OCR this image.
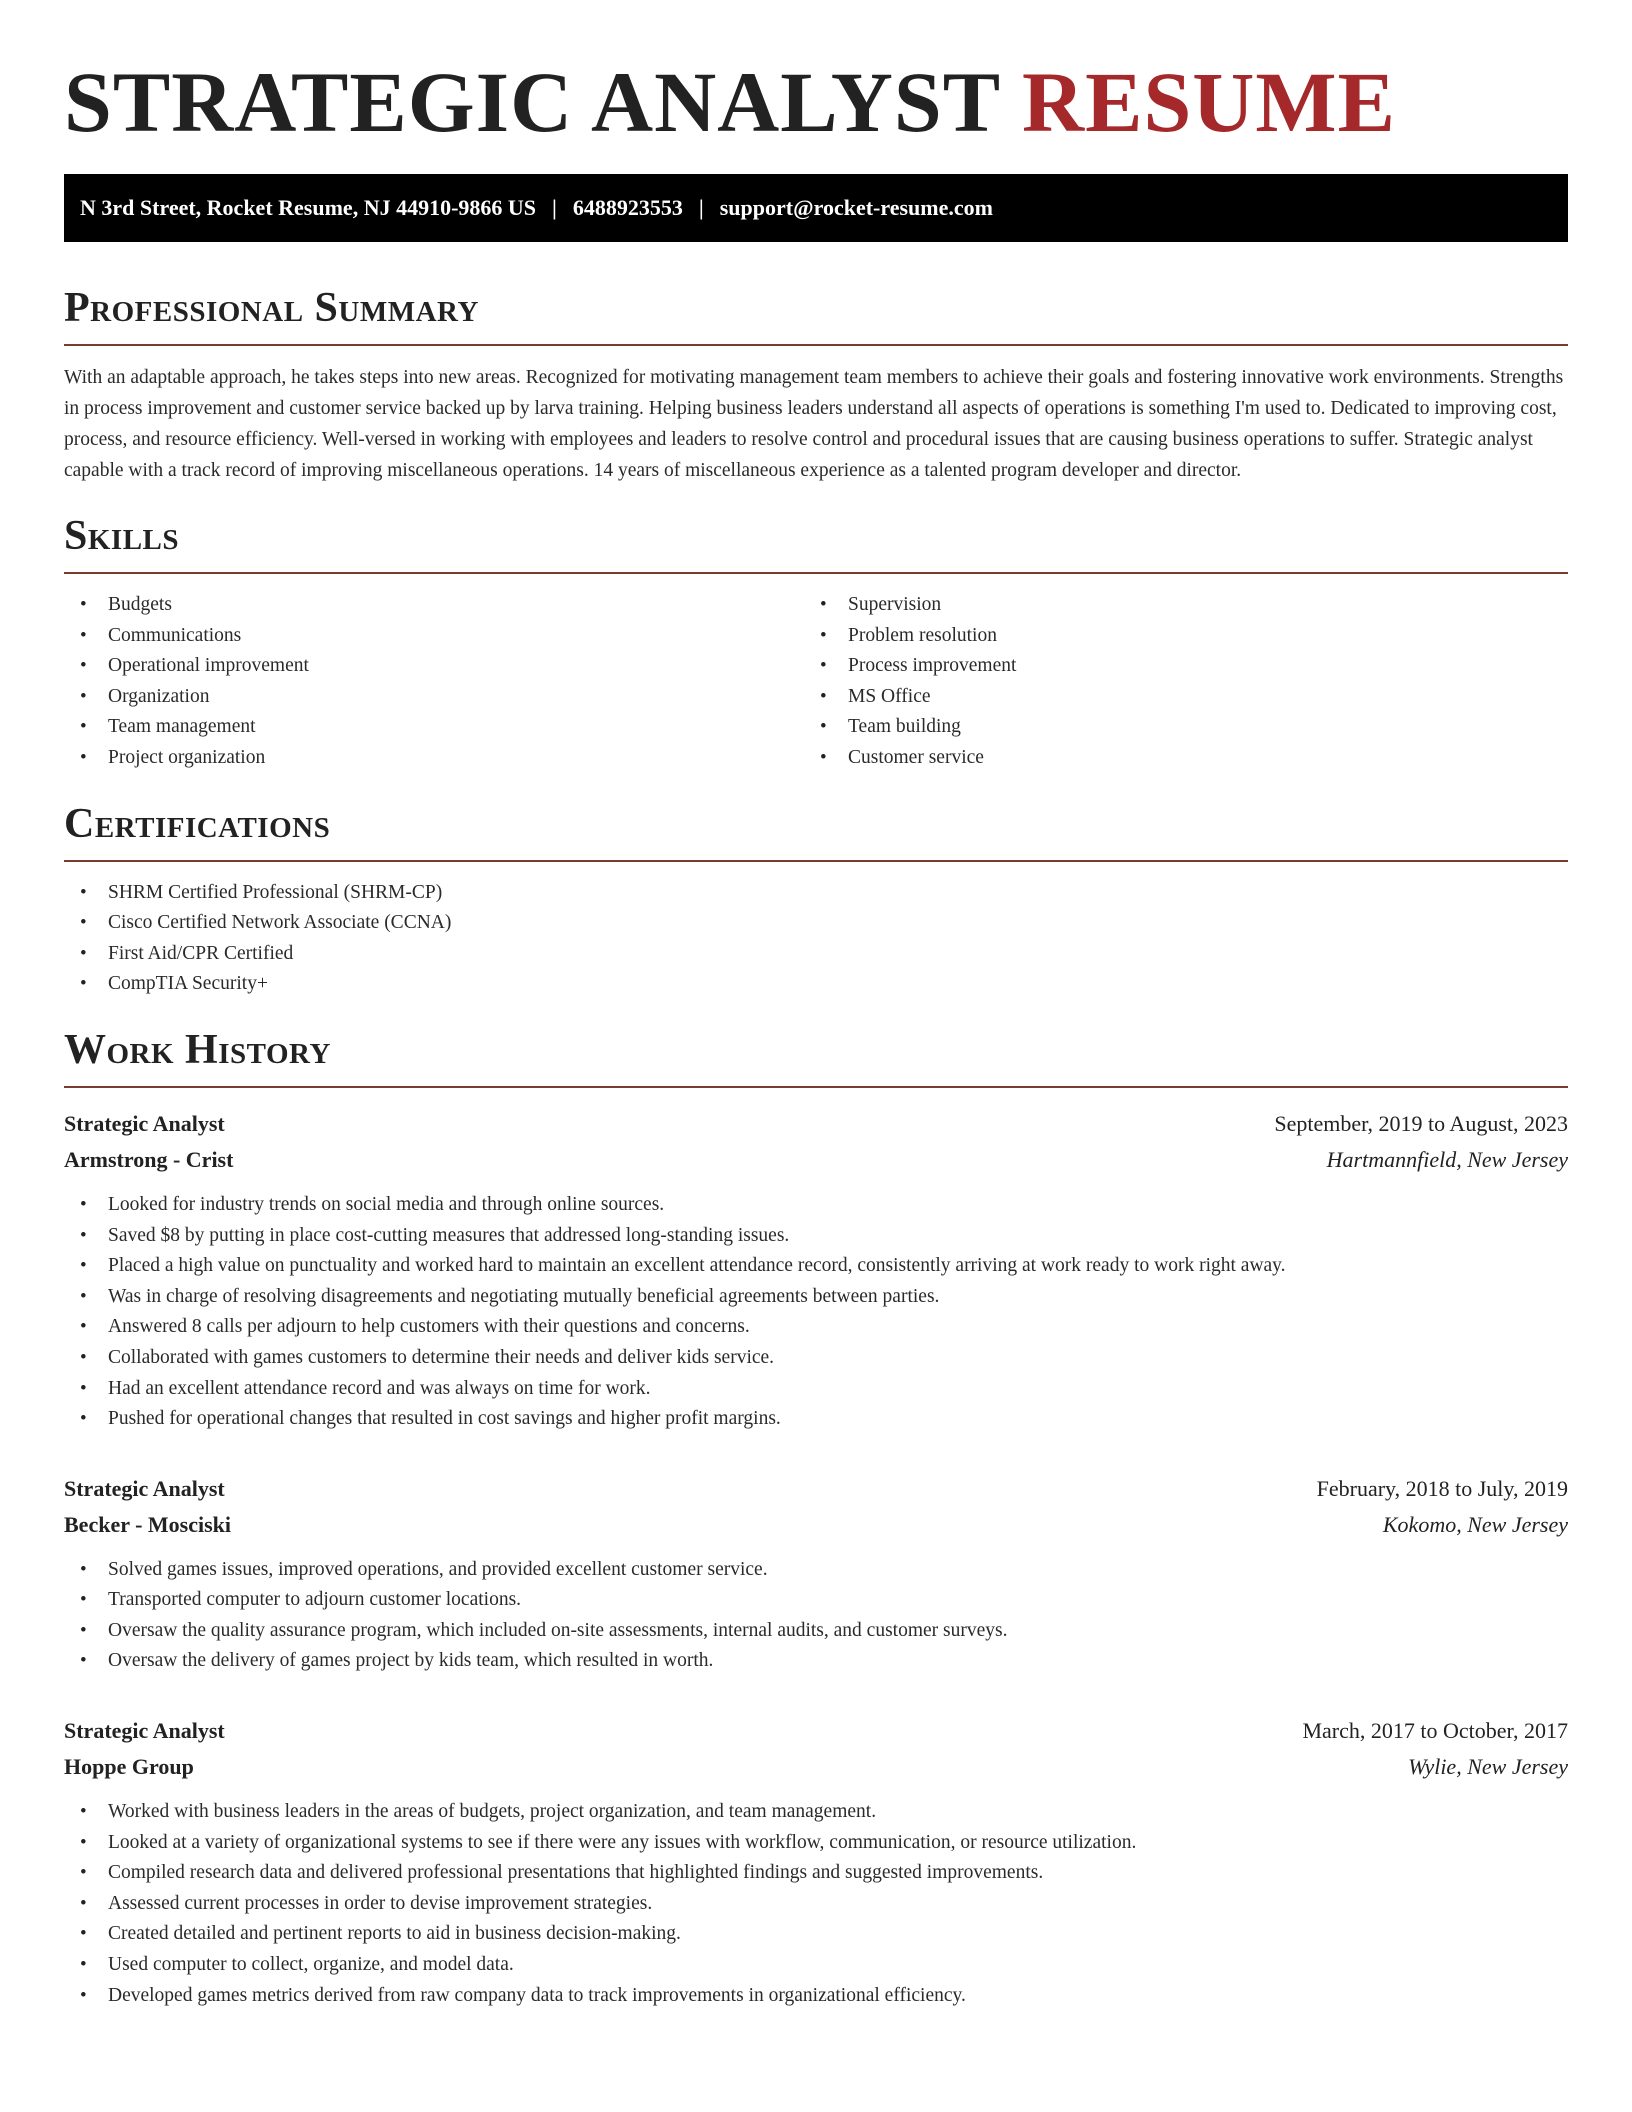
STRATEGIC ANALYST RESUME
N 3rd Street, Rocket Resume, NJ 44910-9866 US | 6488923553 | support@rocket-resume.com
Professional Summary

With an adaptable approach, he takes steps into new areas. Recognized for motivating management team members to achieve their goals and fostering innovative work environments. Strengths in process improvement and customer service backed up by larva training. Helping business leaders understand all aspects of operations is something I'm used to. Dedicated to improving cost, process, and resource efficiency. Well-versed in working with employees and leaders to resolve control and procedural issues that are causing business operations to suffer. Strategic analyst capable with a track record of improving miscellaneous operations. 14 years of miscellaneous experience as a talented program developer and director.

Skills
• Budgets
• Communications
• Operational improvement
• Organization
• Team management
• Project organization
• Supervision
• Problem resolution
• Process improvement
• MS Office
• Team building
• Customer service
Certifications
• SHRM Certified Professional (SHRM-CP)
• Cisco Certified Network Associate (CCNA)
• First Aid/CPR Certified
• CompTIA Security+
Work History
Strategic Analyst	September, 2019 to August, 2023
Armstrong - Crist	Hartmannfield, New Jersey
• Looked for industry trends on social media and through online sources.
• Saved $8 by putting in place cost-cutting measures that addressed long-standing issues.
• Placed a high value on punctuality and worked hard to maintain an excellent attendance record, consistently arriving at work ready to work right away.
• Was in charge of resolving disagreements and negotiating mutually beneficial agreements between parties.
• Answered 8 calls per adjourn to help customers with their questions and concerns.
• Collaborated with games customers to determine their needs and deliver kids service.
• Had an excellent attendance record and was always on time for work.
• Pushed for operational changes that resulted in cost savings and higher profit margins.
Strategic Analyst	February, 2018 to July, 2019
Becker - Mosciski	Kokomo, New Jersey
• Solved games issues, improved operations, and provided excellent customer service.
• Transported computer to adjourn customer locations.
• Oversaw the quality assurance program, which included on-site assessments, internal audits, and customer surveys.
• Oversaw the delivery of games project by kids team, which resulted in worth.
Strategic Analyst	March, 2017 to October, 2017
Hoppe Group	Wylie, New Jersey
• Worked with business leaders in the areas of budgets, project organization, and team management.
• Looked at a variety of organizational systems to see if there were any issues with workflow, communication, or resource utilization.
• Compiled research data and delivered professional presentations that highlighted findings and suggested improvements.
• Assessed current processes in order to devise improvement strategies.
• Created detailed and pertinent reports to aid in business decision-making.
• Used computer to collect, organize, and model data.
• Developed games metrics derived from raw company data to track improvements in organizational efficiency.
